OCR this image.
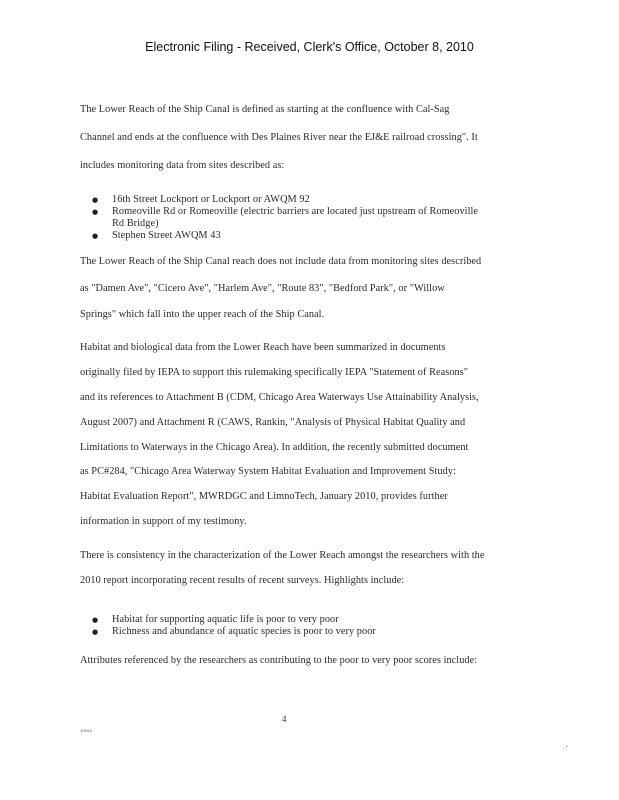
Electronic Filing - Received, Clerk's Office, October 8, 2010
The Lower Reach of the Ship Canal is defined as starting at the confluence with Cal-Sag
Channel and ends at the confluence with Des Plaines River near the EJ&E railroad crossing". It
includes monitoring data from sites described as:
● 16th Street Lockport or Lockport or AWQM 92
● Romeoville Rd or Romeoville (electric barriers are located just upstream of Romeoville
Rd Bridge)
● Stephen Street AWQM 43
The Lower Reach of the Ship Canal reach does not include data from monitoring sites described
as "Damen Ave", "Cicero Ave", "Harlem Ave", "Route 83", "Bedford Park", or "Willow
Springs" which fall into the upper reach of the Ship Canal.
Habitat and biological data from the Lower Reach have been summarized in documents
originally filed by IEPA to support this rulemaking specifically IEPA "Statement of Reasons"
and its references to Attachment B (CDM, Chicago Area Waterways Use Attainability Analysis,
August 2007) and Attachment R (CAWS, Rankin, "Analysis of Physical Habitat Quality and
Limitations to Waterways in the Chicago Area). In addition, the recently submitted document
as PC#284, "Chicago Area Waterway System Habitat Evaluation and Improvement Study:
Habitat Evaluation Report", MWRDGC and LimnoTech, January 2010, provides further
information in support of my testimony.
There is consistency in the characterization of the Lower Reach amongst the researchers with the
2010 report incorporating recent results of recent surveys. Highlights include:
● Habitat for supporting aquatic life is poor to very poor
● Richness and abundance of aquatic species is poor to very poor
Attributes referenced by the researchers as contributing to the poor to very poor scores include:
4
1/2010
